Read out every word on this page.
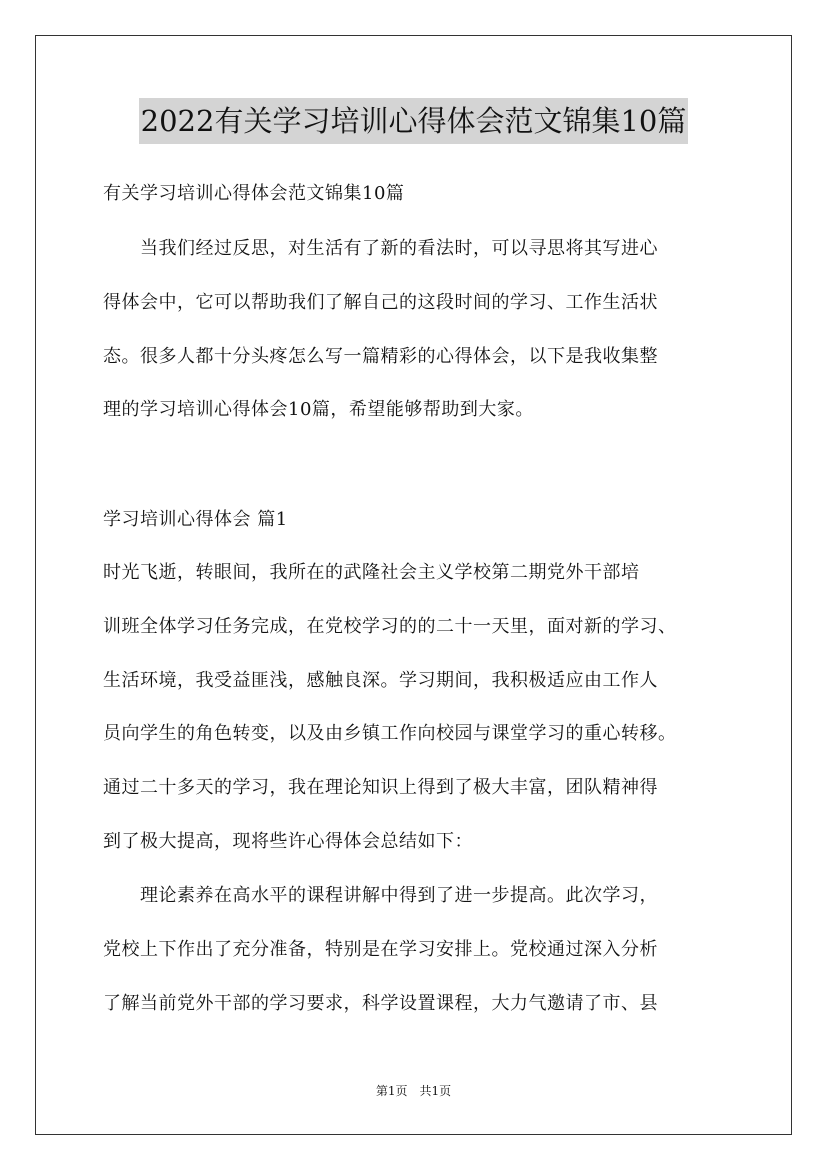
2022有关学习培训心得体会范文锦集10篇
有关学习培训心得体会范文锦集10篇
　　当我们经过反思，对生活有了新的看法时，可以寻思将其写进心
得体会中，它可以帮助我们了解自己的这段时间的学习、工作生活状
态。很多人都十分头疼怎么写一篇精彩的心得体会，以下是我收集整
理的学习培训心得体会10篇，希望能够帮助到大家。
学习培训心得体会 篇1
时光飞逝，转眼间，我所在的武隆社会主义学校第二期党外干部培
训班全体学习任务完成，在党校学习的的二十一天里，面对新的学习、
生活环境，我受益匪浅，感触良深。学习期间，我积极适应由工作人
员向学生的角色转变，以及由乡镇工作向校园与课堂学习的重心转移。
通过二十多天的学习，我在理论知识上得到了极大丰富，团队精神得
到了极大提高，现将些许心得体会总结如下：
　　理论素养在高水平的课程讲解中得到了进一步提高。此次学习，
党校上下作出了充分准备，特别是在学习安排上。党校通过深入分析
了解当前党外干部的学习要求，科学设置课程，大力气邀请了市、县
第1页　共1页
